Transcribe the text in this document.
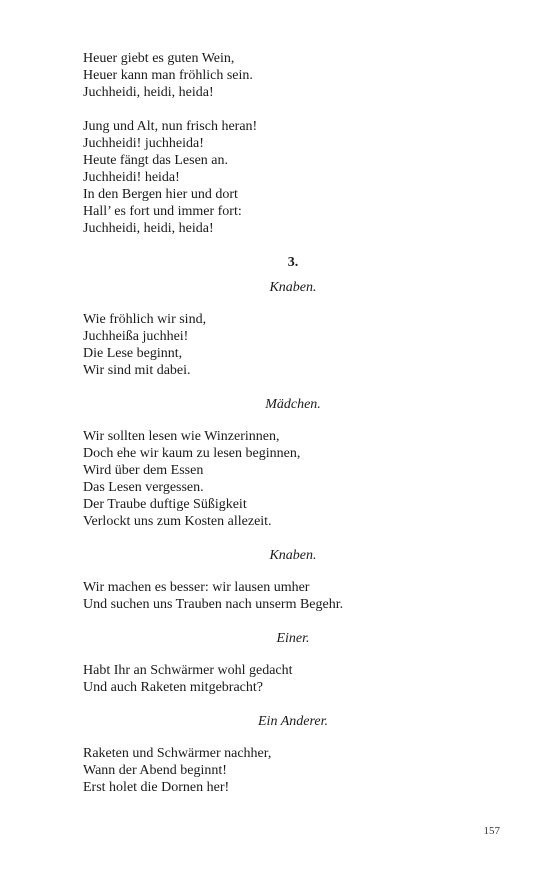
Heuer giebt es guten Wein,
Heuer kann man fröhlich sein.
Juchheidi, heidi, heida!
Jung und Alt, nun frisch heran!
Juchheidi! juchheida!
Heute fängt das Lesen an.
Juchheidi! heida!
In den Bergen hier und dort
Hall’ es fort und immer fort:
Juchheidi, heidi, heida!
3.
Knaben.
Wie fröhlich wir sind,
Juchheißa juchhei!
Die Lese beginnt,
Wir sind mit dabei.
Mädchen.
Wir sollten lesen wie Winzerinnen,
Doch ehe wir kaum zu lesen beginnen,
Wird über dem Essen
Das Lesen vergessen.
Der Traube duftige Süßigkeit
Verlockt uns zum Kosten allezeit.
Knaben.
Wir machen es besser: wir lausen umher
Und suchen uns Trauben nach unserm Begehr.
Einer.
Habt Ihr an Schwärmer wohl gedacht
Und auch Raketen mitgebracht?
Ein Anderer.
Raketen und Schwärmer nachher,
Wann der Abend beginnt!
Erst holet die Dornen her!
157
